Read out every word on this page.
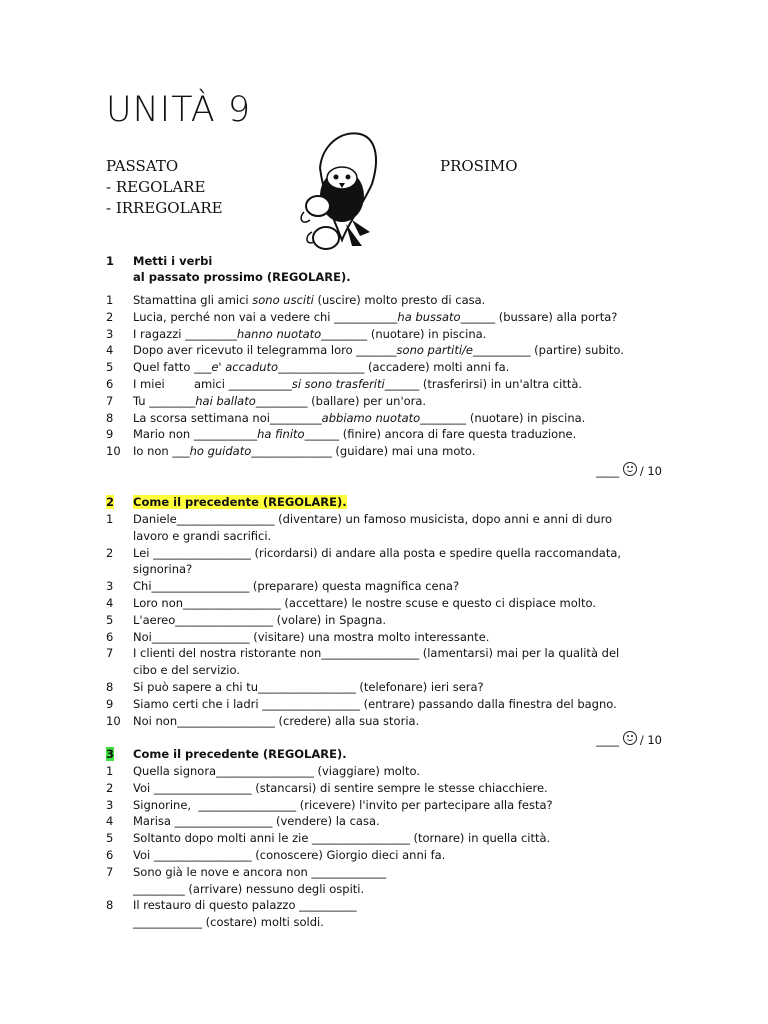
UNITÀ 9
PASSATO	PROSIMO
- REGOLARE
- IRREGOLARE
1 Metti i verbi
al passato prossimo (REGOLARE).
1	Stamattina gli amici sono usciti (uscire) molto presto di casa.
2	Lucia, perché non vai a vedere chi ___________ha bussato______ (bussare) alla porta?
3	I ragazzi _________hanno nuotato________ (nuotare) in piscina.
4	Dopo aver ricevuto il telegramma loro _______sono partiti/e__________ (partire) subito.
5	Quel fatto ___e' accaduto_______________ (accadere) molti anni fa.
6	I miei        amici ___________si sono trasferiti______ (trasferirsi) in un'altra città.
7	Tu ________hai ballato_________ (ballare) per un'ora.
8	La scorsa settimana noi_________abbiamo nuotato________ (nuotare) in piscina.
9	Mario non ___________ha finito______ (finire) ancora di fare questa traduzione.
10	Io non ___ho guidato______________ (guidare) mai una moto.
____ / 10
2 Come il precedente (REGOLARE).
1	Daniele_________________ (diventare) un famoso musicista, dopo anni e anni di duro
lavoro e grandi sacrifici.
2	Lei _________________ (ricordarsi) di andare alla posta e spedire quella raccomandata,
signorina?
3	Chi_________________ (preparare) questa magnifica cena?
4	Loro non_________________ (accettare) le nostre scuse e questo ci dispiace molto.
5	L'aereo_________________ (volare) in Spagna.
6	Noi_________________ (visitare) una mostra molto interessante.
7	I clienti del nostra ristorante non_________________ (lamentarsi) mai per la qualità del
cibo e del servizio.
8	Si può sapere a chi tu_________________ (telefonare) ieri sera?
9	Siamo certi che i ladri _________________ (entrare) passando dalla finestra del bagno.
10	Noi non_________________ (credere) alla sua storia.
____ / 10
3 Come il precedente (REGOLARE).
1	Quella signora_________________ (viaggiare) molto.
2	Voi _________________ (stancarsi) di sentire sempre le stesse chiacchiere.
3	Signorine,  _________________ (ricevere) l'invito per partecipare alla festa?
4	Marisa _________________ (vendere) la casa.
5	Soltanto dopo molti anni le zie _________________ (tornare) in quella città.
6	Voi _________________ (conoscere) Giorgio dieci anni fa.
7	Sono già le nove e ancora non _____________
_________ (arrivare) nessuno degli ospiti.
8	Il restauro di questo palazzo __________
____________ (costare) molti soldi.
